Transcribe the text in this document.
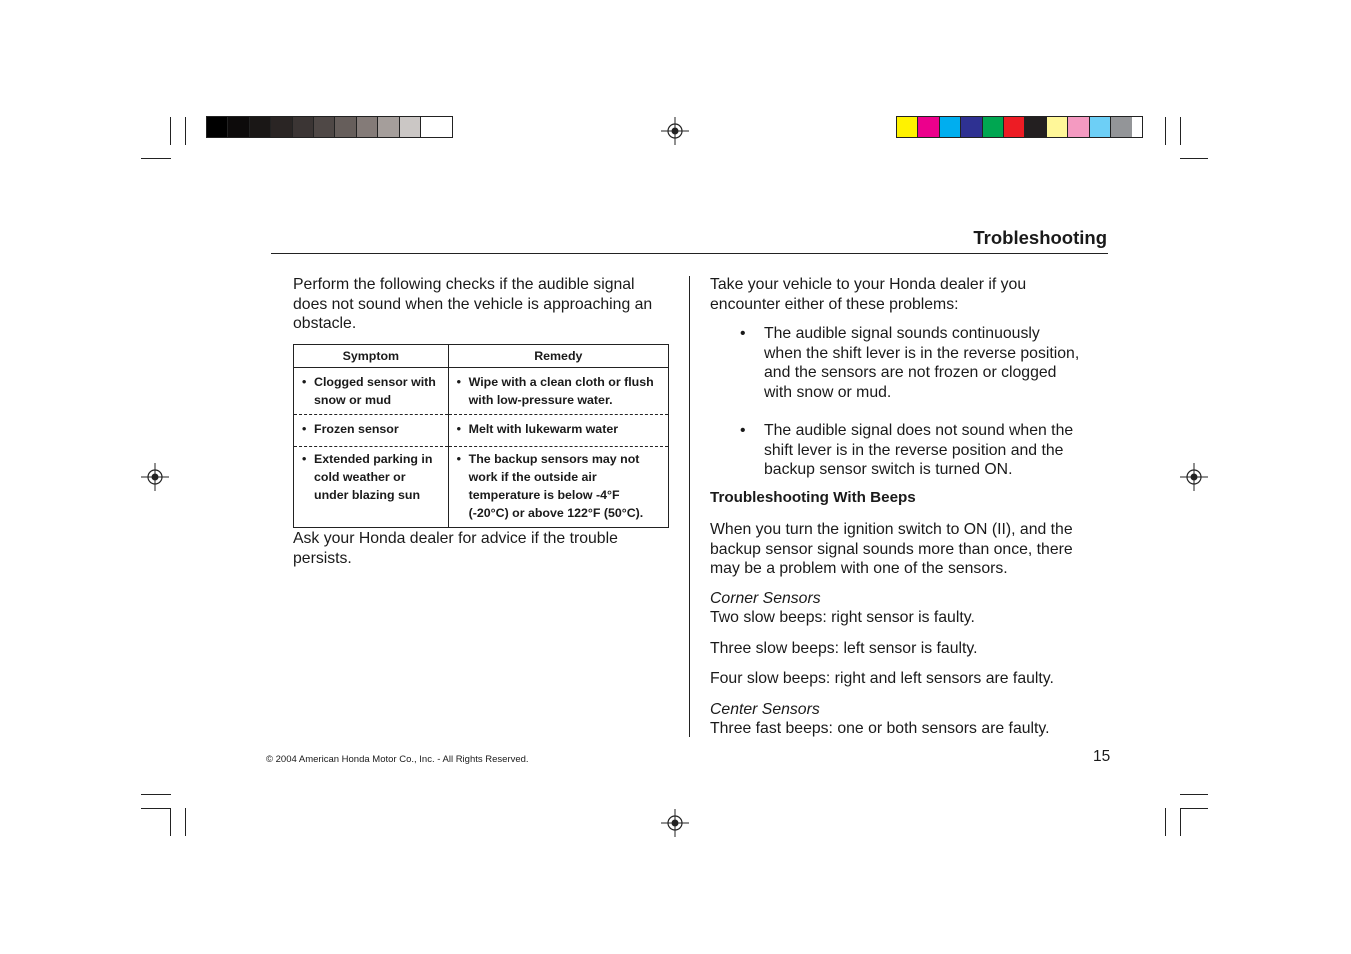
Trobleshooting

Perform the following checks if the audible signal does not sound when the vehicle is approaching an obstacle.

Symptom	Remedy

• Clogged sensor with snow or mud	• Wipe with a clean cloth or flush with low-pressure water.

• Frozen sensor	• Melt with lukewarm water

• Extended parking in cold weather or under blazing sun	• The backup sensors may not work if the outside air temperature is below -4°F (-20°C) or above 122°F (50°C).

Ask your Honda dealer for advice if the trouble persists.

Take your vehicle to your Honda dealer if you encounter either of these problems:

•	The audible signal sounds continuously when the shift lever is in the reverse position, and the sensors are not frozen or clogged with snow or mud.
•	The audible signal does not sound when the shift lever is in the reverse position and the backup sensor switch is turned ON.

Troubleshooting With Beeps

When you turn the ignition switch to ON (II), and the backup sensor signal sounds more than once, there may be a problem with one of the sensors.

Corner Sensors

Two slow beeps: right sensor is faulty.

Three slow beeps: left sensor is faulty.

Four slow beeps: right and left sensors are faulty.

Center Sensors

Three fast beeps: one or both sensors are faulty.

© 2004 American Honda Motor Co., Inc. - All Rights Reserved.	15
